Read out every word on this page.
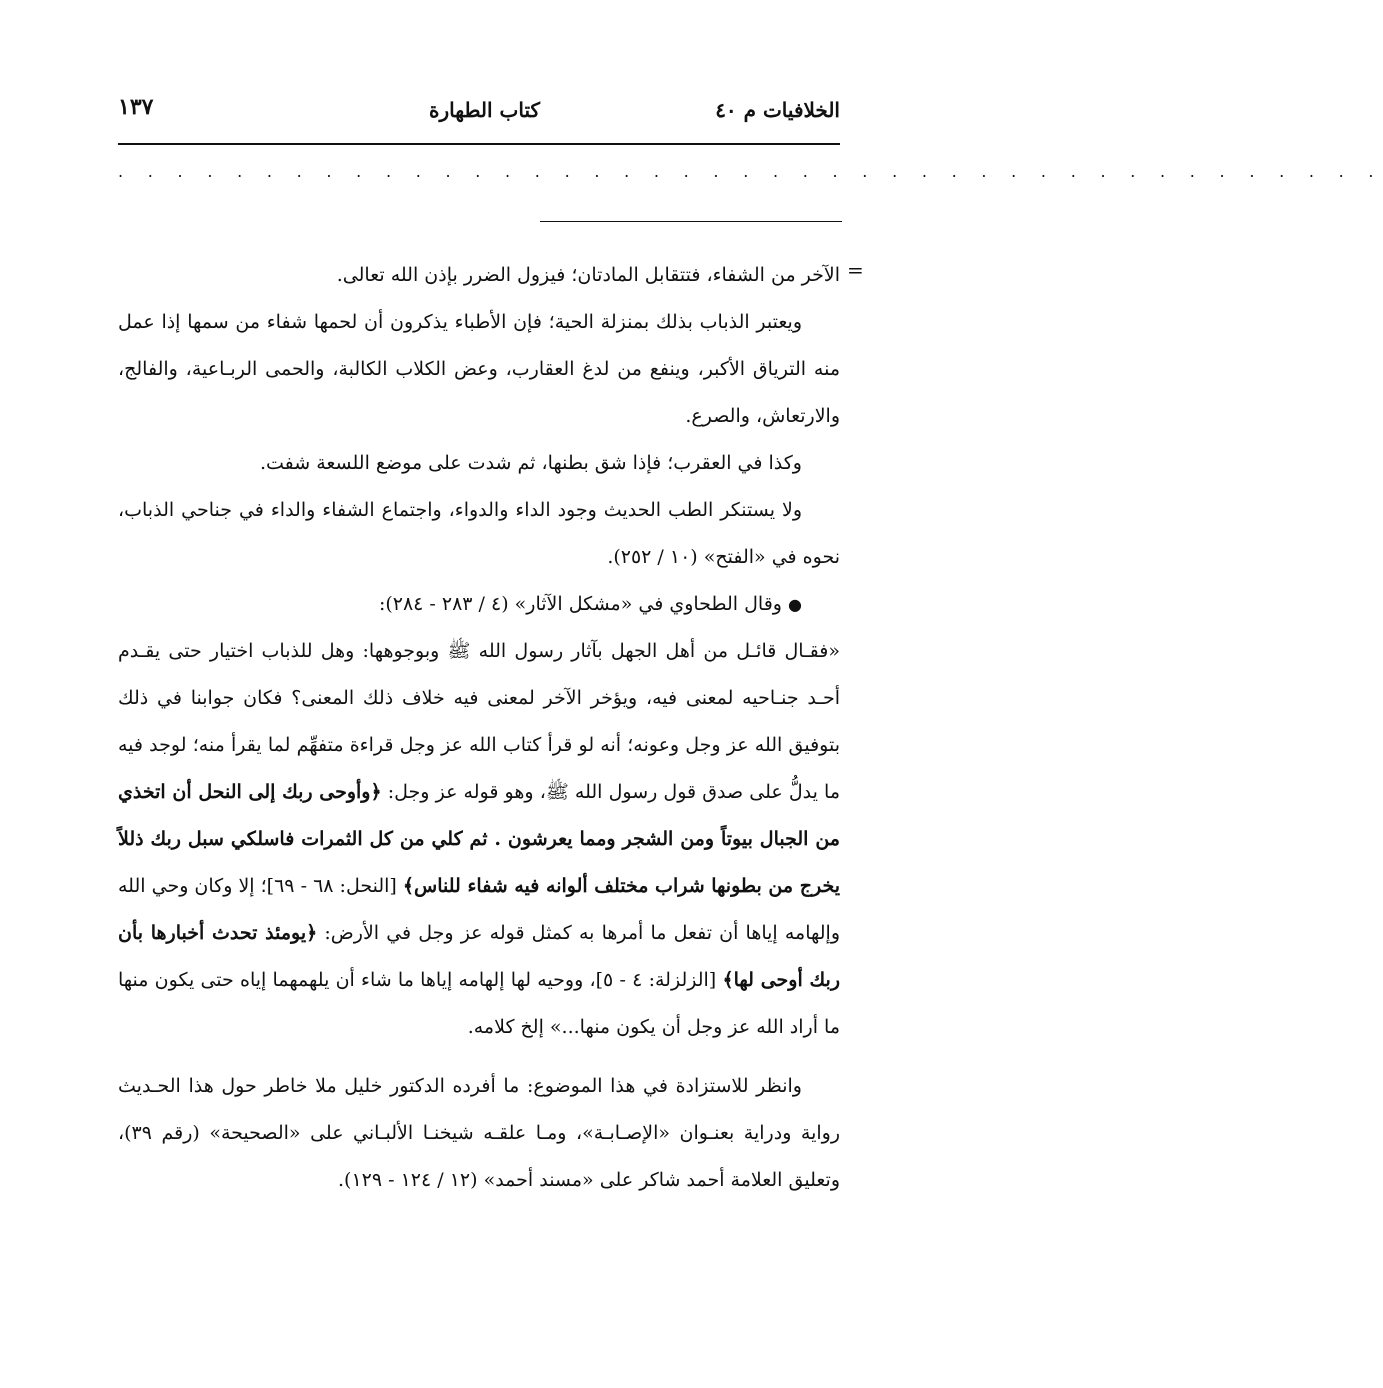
الخلافيات م ٤٠
كتاب الطهارة
١٣٧
. . . . . . . . . . . . . . . . . . . . . . . . . . . . . . . . . . . . . . . . . . .
=

الآخر من الشفاء، فتتقابل المادتان؛ فيزول الضرر بإذن الله تعالى.

ويعتبر الذباب بذلك بمنزلة الحية؛ فإن الأطباء يذكرون أن لحمها شفاء من سمها إذا عمل منه الترياق الأكبر، وينفع من لدغ العقارب، وعض الكلاب الكالبة، والحمى الربـاعية، والفالج، والارتعاش، والصرع.

وكذا في العقرب؛ فإذا شق بطنها، ثم شدت على موضع اللسعة شفت.

ولا يستنكر الطب الحديث وجود الداء والدواء، واجتماع الشفاء والداء في جناحي الذباب، نحوه في «الفتح» (١٠ / ٢٥٢).

● وقال الطحاوي في «مشكل الآثار» (٤ / ٢٨٣ - ٢٨٤):

«فقـال قائـل من أهل الجهل بآثار رسول الله ﷺ وبوجوهها: وهل للذباب اختيار حتى يقـدم أحـد جنـاحيه لمعنى فيه، ويؤخر الآخر لمعنى فيه خلاف ذلك المعنى؟ فكان جوابنا في ذلك بتوفيق الله عز وجل وعونه؛ أنه لو قرأ كتاب الله عز وجل قراءة متفهِّم لما يقرأ منه؛ لوجد فيه ما يدلُّ على صدق قول رسول الله ﷺ، وهو قوله عز وجل: ﴿وأوحى ربك إلى النحل أن اتخذي من الجبال بيوتاً ومن الشجر ومما يعرشون . ثم كلي من كل الثمرات فاسلكي سبل ربك ذللاً يخرج من بطونها شراب مختلف ألوانه فيه شفاء للناس﴾ [النحل: ٦٨ - ٦٩]؛ إلا وكان وحي الله وإلهامه إياها أن تفعل ما أمرها به كمثل قوله عز وجل في الأرض: ﴿يومئذ تحدث أخبارها بأن ربك أوحى لها﴾ [الزلزلة: ٤ - ٥]، ووحيه لها إلهامه إياها ما شاء أن يلهمهما إياه حتى يكون منها ما أراد الله عز وجل أن يكون منها...» إلخ كلامه.

وانظر للاستزادة في هذا الموضوع: ما أفرده الدكتور خليل ملا خاطر حول هذا الحـديث رواية ودراية بعنـوان «الإصـابـة»، ومـا علقـه شيخنـا الألبـاني على «الصحيحة» (رقم ٣٩)، وتعليق العلامة أحمد شاكر على «مسند أحمد» (١٢ / ١٢٤ - ١٢٩).
